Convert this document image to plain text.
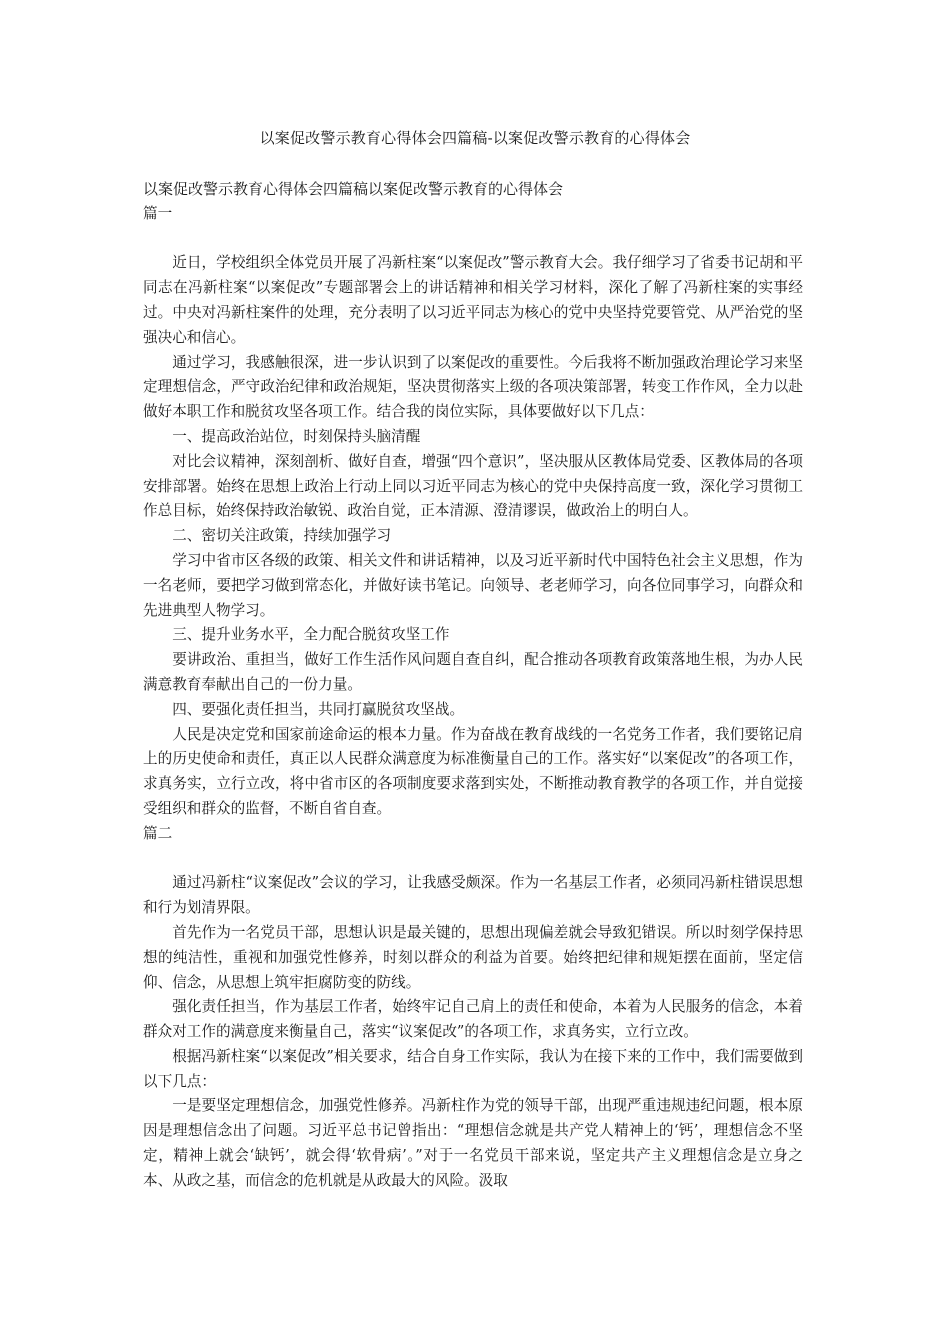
以案促改警示教育心得体会四篇稿-以案促改警示教育的心得体会

以案促改警示教育心得体会四篇稿以案促改警示教育的心得体会

篇一

近日，学校组织全体党员开展了冯新柱案“以案促改”警示教育大会。我仔细学习了省委书记胡和平同志在冯新柱案“以案促改”专题部署会上的讲话精神和相关学习材料，深化了解了冯新柱案的实事经过。中央对冯新柱案件的处理，充分表明了以习近平同志为核心的党中央坚持党要管党、从严治党的坚强决心和信心。

通过学习，我感触很深，进一步认识到了以案促改的重要性。今后我将不断加强政治理论学习来坚定理想信念，严守政治纪律和政治规矩，坚决贯彻落实上级的各项决策部署，转变工作作风，全力以赴做好本职工作和脱贫攻坚各项工作。结合我的岗位实际，具体要做好以下几点：

一、提高政治站位，时刻保持头脑清醒

对比会议精神，深刻剖析、做好自查，增强“四个意识”，坚决服从区教体局党委、区教体局的各项安排部署。始终在思想上政治上行动上同以习近平同志为核心的党中央保持高度一致，深化学习贯彻工作总目标，始终保持政治敏锐、政治自觉，正本清源、澄清谬误，做政治上的明白人。

二、密切关注政策，持续加强学习

学习中省市区各级的政策、相关文件和讲话精神，以及习近平新时代中国特色社会主义思想，作为一名老师，要把学习做到常态化，并做好读书笔记。向领导、老老师学习，向各位同事学习，向群众和先进典型人物学习。

三、提升业务水平，全力配合脱贫攻坚工作

要讲政治、重担当，做好工作生活作风问题自查自纠，配合推动各项教育政策落地生根，为办人民满意教育奉献出自己的一份力量。

四、要强化责任担当，共同打赢脱贫攻坚战。

人民是决定党和国家前途命运的根本力量。作为奋战在教育战线的一名党务工作者，我们要铭记肩上的历史使命和责任，真正以人民群众满意度为标准衡量自己的工作。落实好“以案促改”的各项工作，求真务实，立行立改，将中省市区的各项制度要求落到实处，不断推动教育教学的各项工作，并自觉接受组织和群众的监督，不断自省自查。

篇二

通过冯新柱“议案促改”会议的学习，让我感受颇深。作为一名基层工作者，必须同冯新柱错误思想和行为划清界限。

首先作为一名党员干部，思想认识是最关键的，思想出现偏差就会导致犯错误。所以时刻学保持思想的纯洁性，重视和加强党性修养，时刻以群众的利益为首要。始终把纪律和规矩摆在面前，坚定信仰、信念，从思想上筑牢拒腐防变的防线。

强化责任担当，作为基层工作者，始终牢记自己肩上的责任和使命，本着为人民服务的信念，本着群众对工作的满意度来衡量自己，落实“议案促改”的各项工作，求真务实，立行立改。

根据冯新柱案“以案促改”相关要求，结合自身工作实际，我认为在接下来的工作中，我们需要做到以下几点：

一是要坚定理想信念，加强党性修养。冯新柱作为党的领导干部，出现严重违规违纪问题，根本原因是理想信念出了问题。习近平总书记曾指出：“理想信念就是共产党人精神上的‘钙’，理想信念不坚定，精神上就会‘缺钙’，就会得‘软骨病’。”对于一名党员干部来说，坚定共产主义理想信念是立身之本、从政之基，而信念的危机就是从政最大的风险。汲取
